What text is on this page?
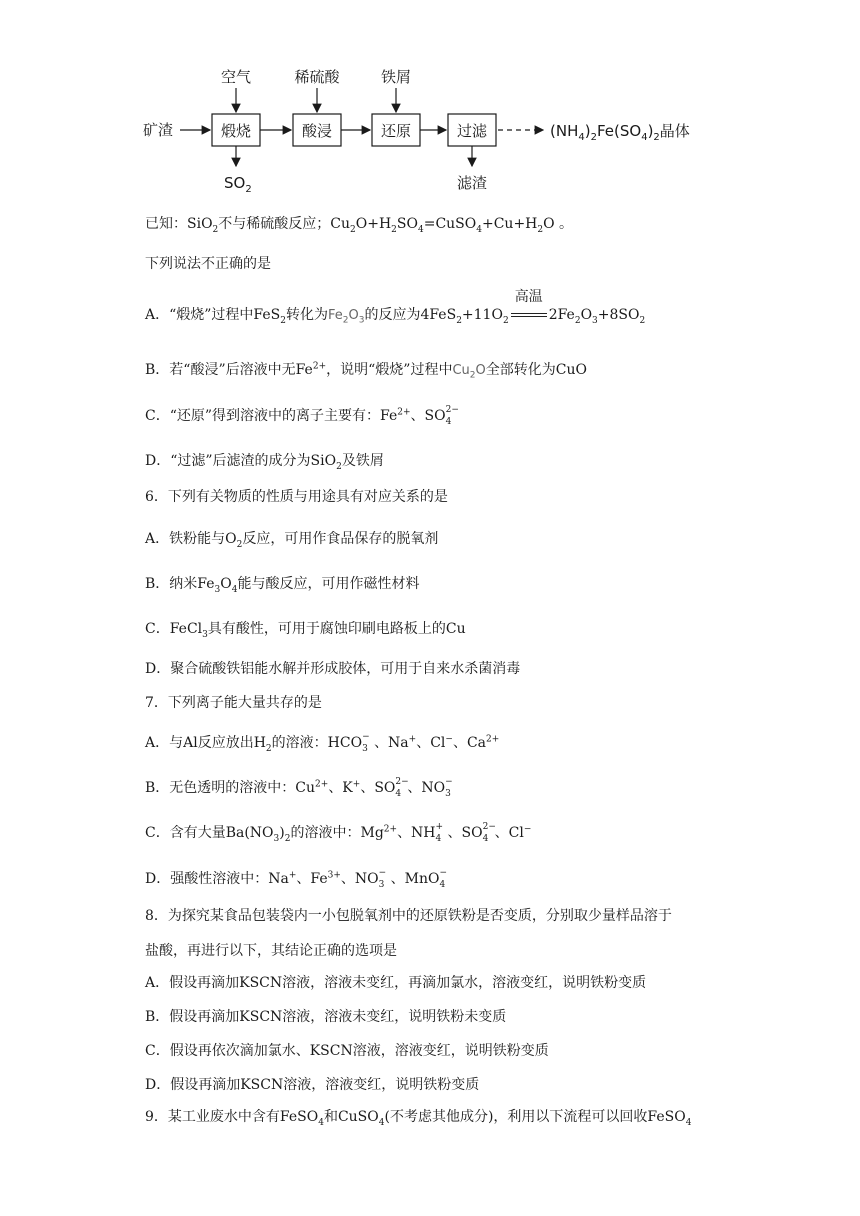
空气	稀硫酸	铁屑
矿渣	煅烧	酸浸	还原	过滤	$(NH_4)_2Fe(SO_4)_2$晶体
$SO_2$	滤渣
已知：SiO$_2$不与稀硫酸反应；$Cu_2O+H_2SO_4=CuSO_4+Cu+H_2O$ 。
下列说法不正确的是
A．“煅烧”过程中FeS$_2$转化为$Fe_2O_3$的反应为$4FeS_2+11O_2$
高温
$2Fe_2O_3+8SO_2$
B．若“酸浸”后溶液中无$Fe^{2+}$，说明“煅烧”过程中$Cu_2O$全部转化为CuO
C．“还原”得到溶液中的离子主要有：$Fe^{2+}$、SO 2−
4
D．“过滤”后滤渣的成分为SiO$_2$及铁屑
6．下列有关物质的性质与用途具有对应关系的是
A．铁粉能与$O_2$反应，可用作食品保存的脱氧剂
B．纳米$Fe_3O_4$能与酸反应，可用作磁性材料
C．FeCl$_3$具有酸性，可用于腐蚀印刷电路板上的Cu
D．聚合硫酸铁铝能水解并形成胶体，可用于自来水杀菌消毒
7．下列离子能大量共存的是
A．与Al反应放出$H_2$的溶液：HCO −
3 、Na+、Cl−、$Ca^{2+}$
B．无色透明的溶液中：$Cu^{2+}$、K+、SO 2−
4 、NO −
3
C．含有大量$Ba(NO_3)_2$的溶液中：$Mg^{2+}$、NH +
4 、SO 2−
4 、Cl−
D．强酸性溶液中：Na+、$Fe^{3+}$、NO −
3 、MnO −
4
8．为探究某食品包装袋内一小包脱氧剂中的还原铁粉是否变质，分别取少量样品溶于
盐酸，再进行以下，其结论正确的选项是
A．假设再滴加KSCN溶液，溶液未变红，再滴加氯水，溶液变红，说明铁粉变质
B．假设再滴加KSCN溶液，溶液未变红，说明铁粉未变质
C．假设再依次滴加氯水、KSCN溶液，溶液变红，说明铁粉变质
D．假设再滴加KSCN溶液，溶液变红，说明铁粉变质
9．某工业废水中含有FeSO$_4$和CuSO$_4$(不考虑其他成分)，利用以下流程可以回收FeSO$_4$
